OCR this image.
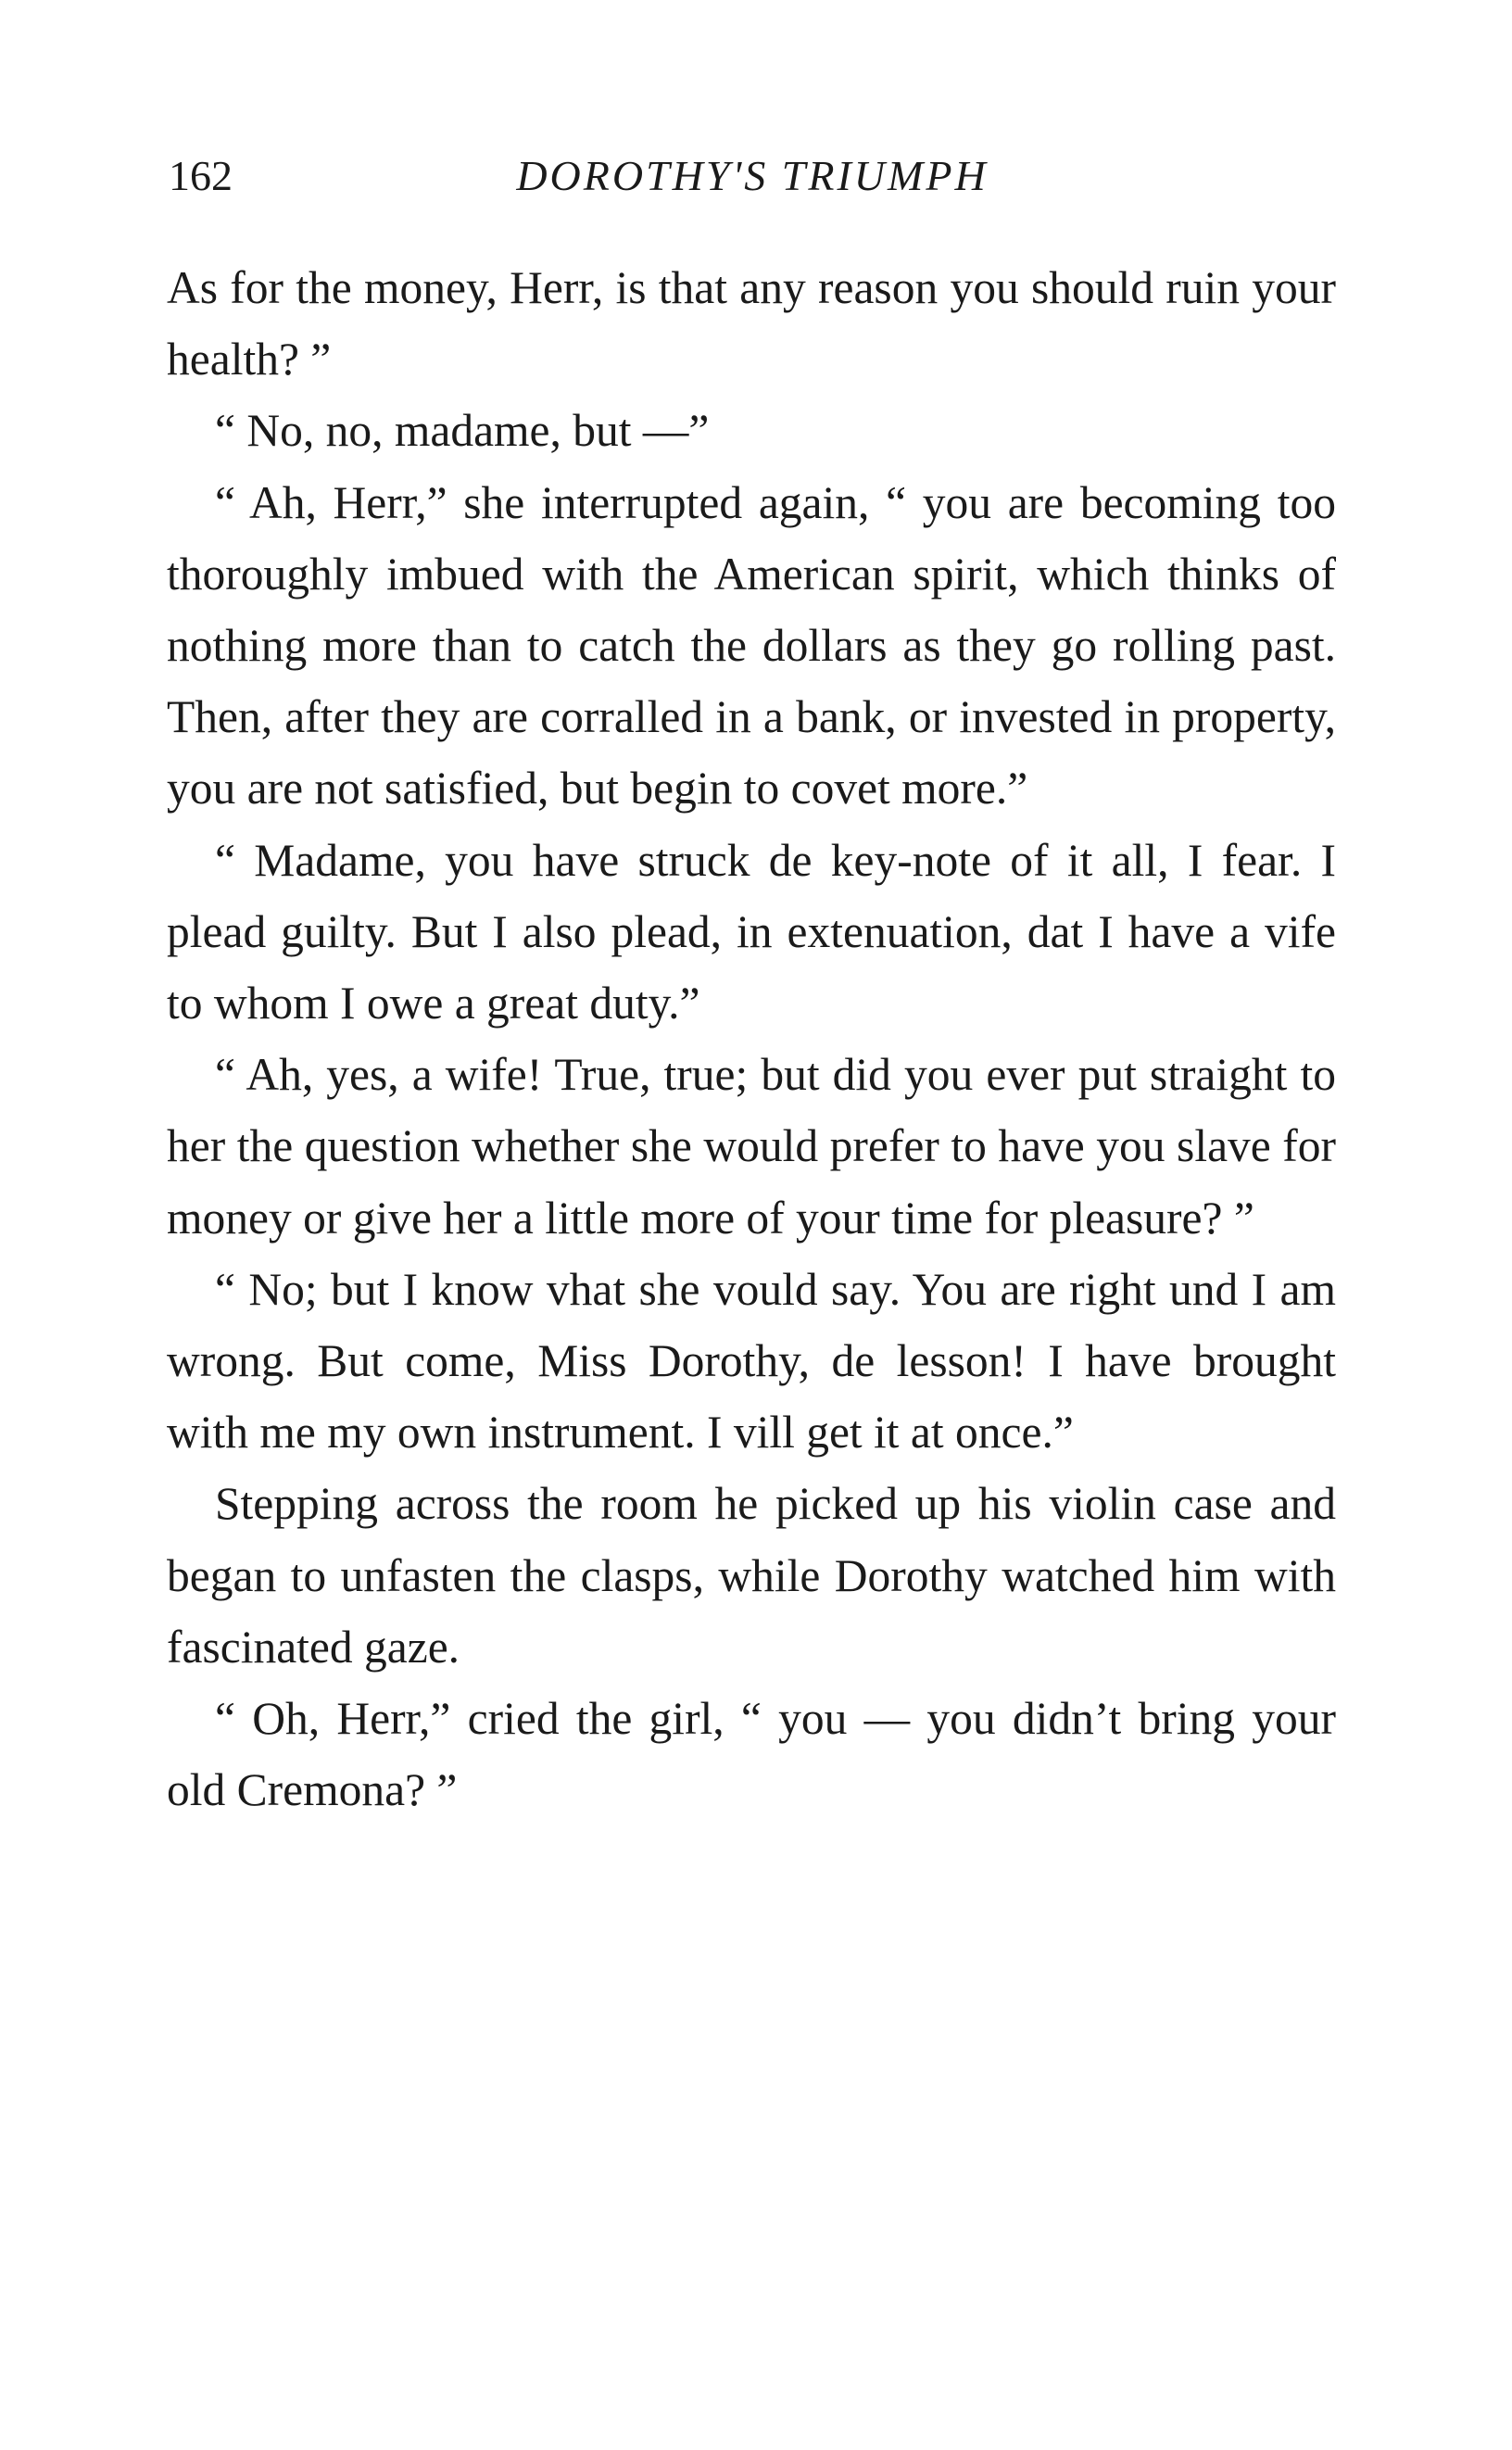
162	DOROTHY'S TRIUMPH

As for the money, Herr, is that any reason you should ruin your health? ”

“ No, no, madame, but —”

“ Ah, Herr,” she interrupted again, “ you are becoming too thoroughly imbued with the American spirit, which thinks of nothing more than to catch the dollars as they go rolling past. Then, after they are corralled in a bank, or invested in property, you are not satisfied, but begin to covet more.”

“ Madame, you have struck de key-note of it all, I fear. I plead guilty. But I also plead, in extenuation, dat I have a vife to whom I owe a great duty.”

“ Ah, yes, a wife! True, true; but did you ever put straight to her the question whether she would prefer to have you slave for money or give her a little more of your time for pleasure? ”

“ No; but I know vhat she vould say. You are right und I am wrong. But come, Miss Dorothy, de lesson! I have brought with me my own instrument. I vill get it at once.”

Stepping across the room he picked up his violin case and began to unfasten the clasps, while Dorothy watched him with fascinated gaze.

“ Oh, Herr,” cried the girl, “ you — you didn’t bring your old Cremona? ”
